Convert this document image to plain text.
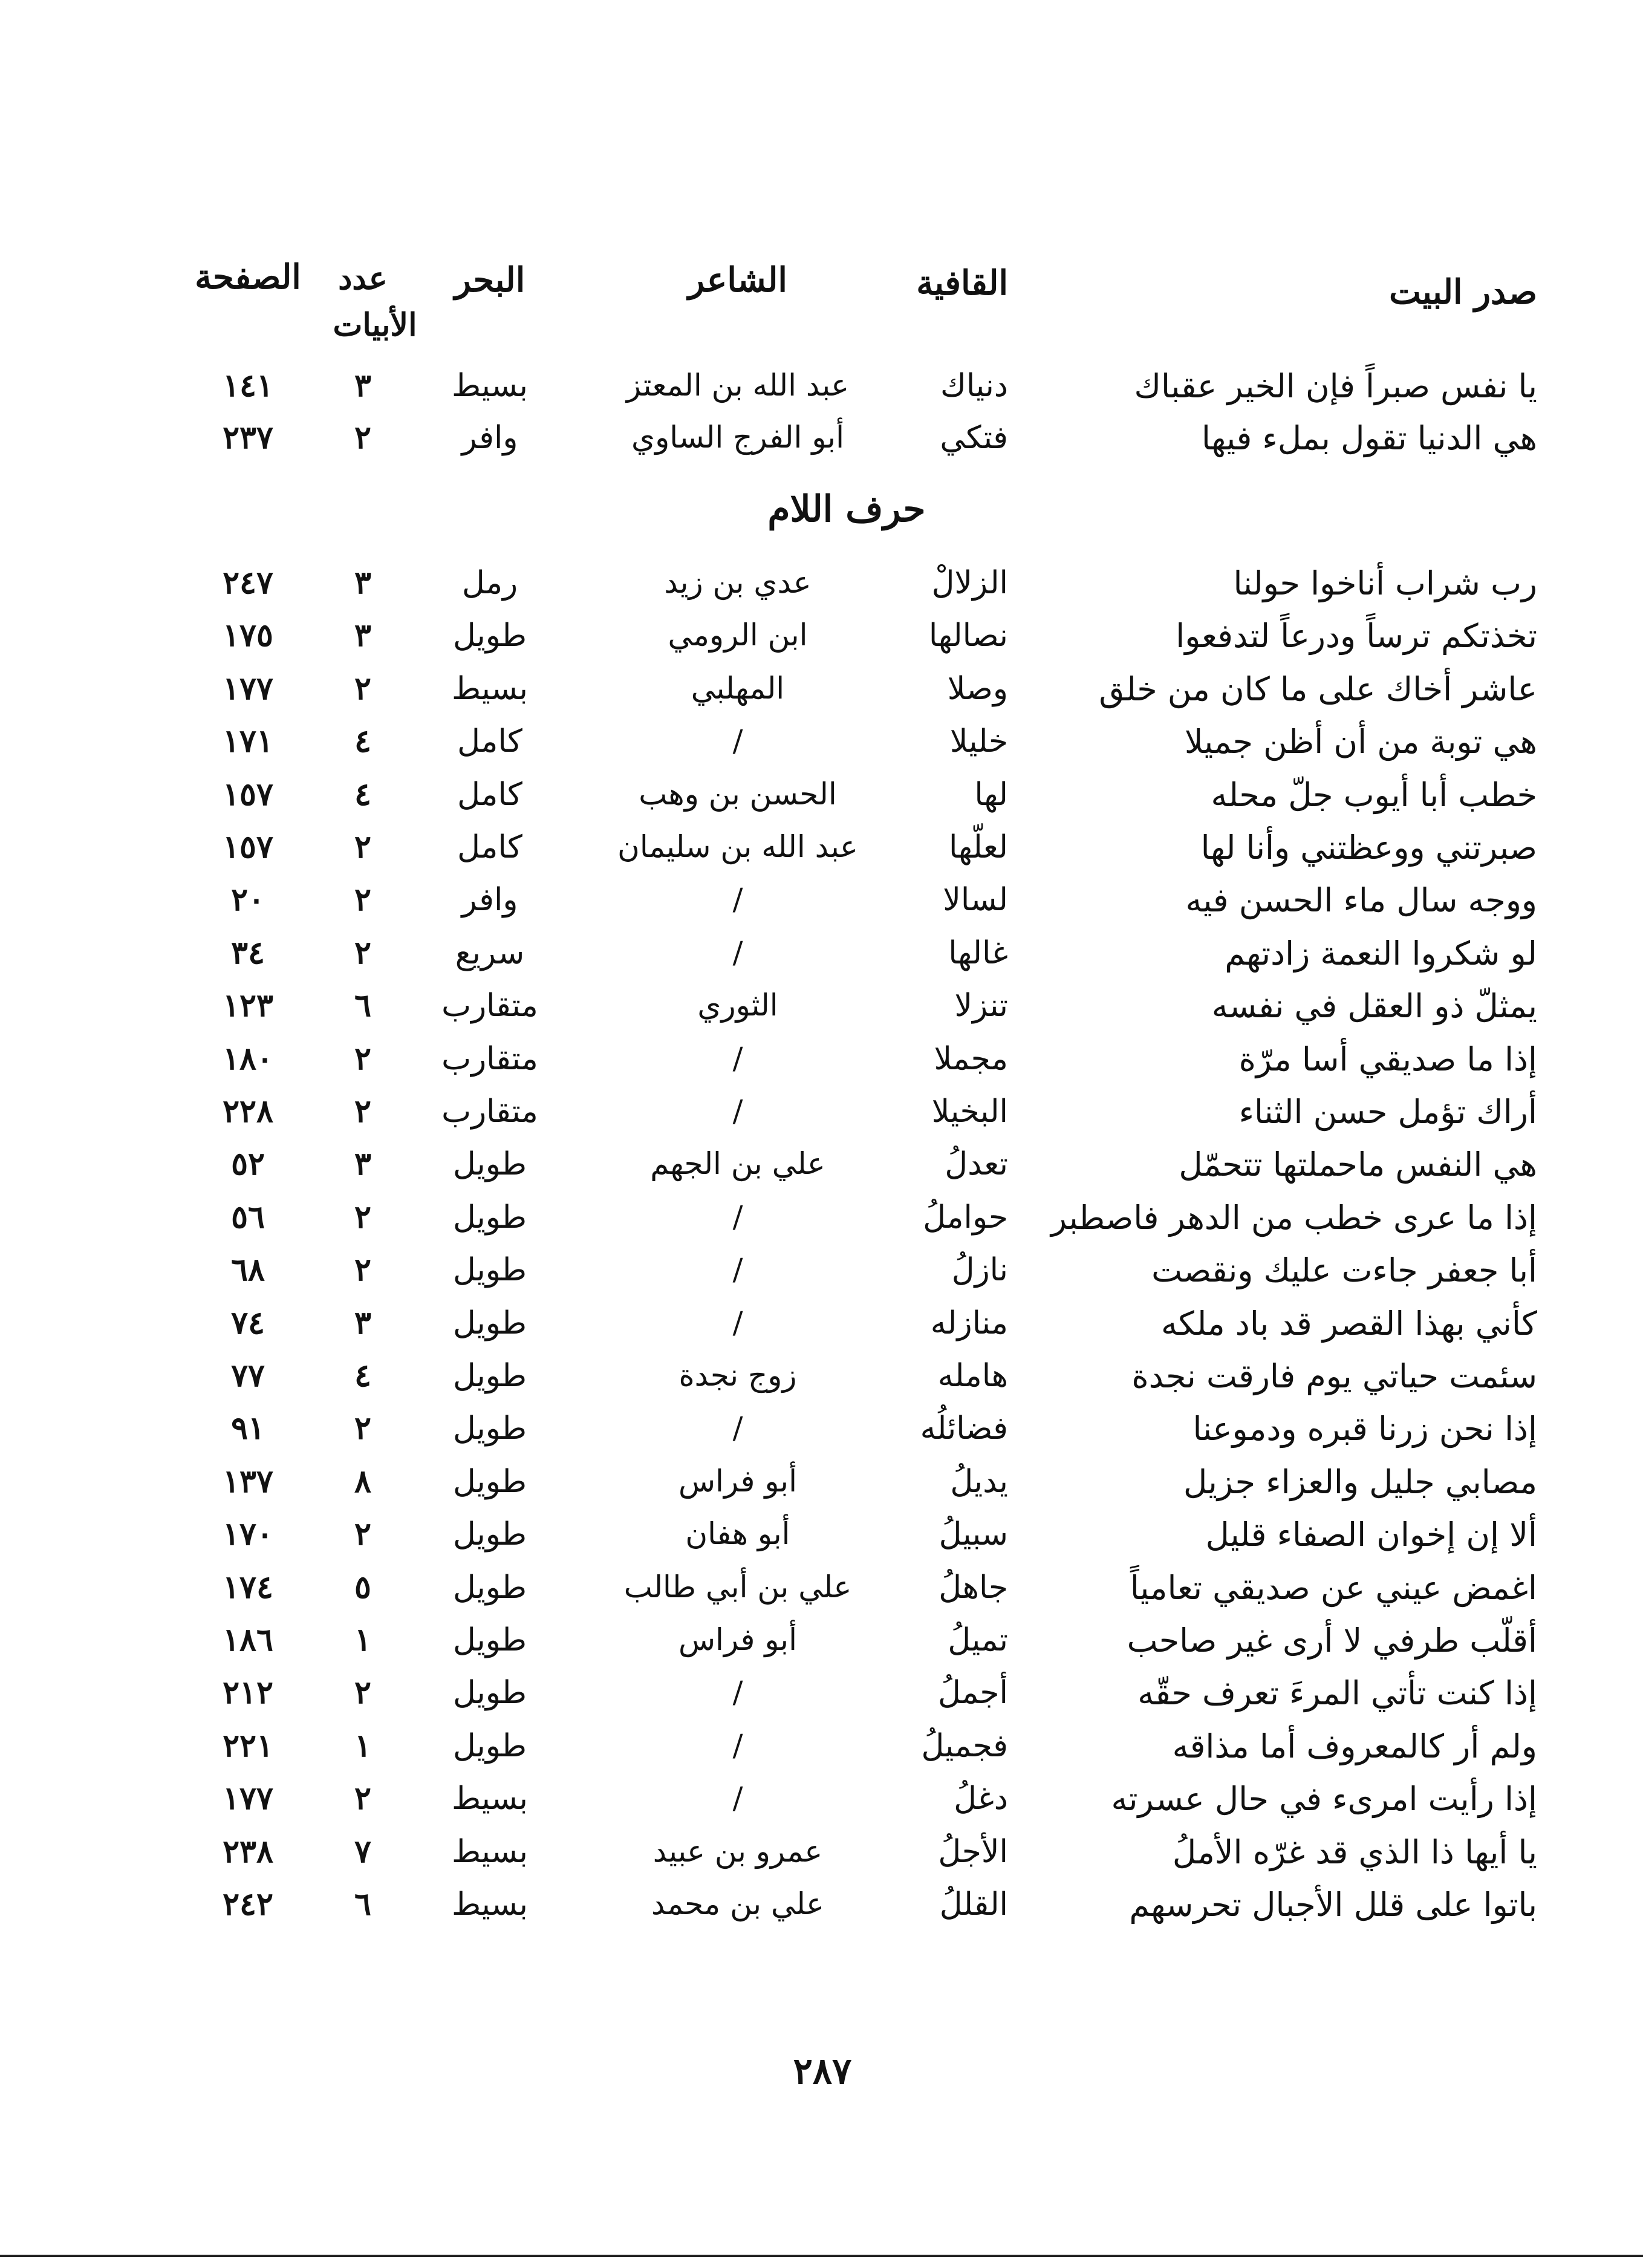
صدر البيت
القافية
الشاعر
البحر
عدد
الأبيات
الصفحة
يا نفس صبراً فإن الخير عقباك
دنياك
عبد الله بن المعتز
بسيط
٣
١٤١
هي الدنيا تقول بملء فيها
فتكي
أبو الفرج الساوي
وافر
٢
٢٣٧
حرف اللام
رب شراب أناخوا حولنا
الزلالْ
عدي بن زيد
رمل
٣
٢٤٧
تخذتكم ترساً ودرعاً لتدفعوا
نصالها
ابن الرومي
طويل
٣
١٧٥
عاشر أخاك على ما كان من خلق
وصلا
المهلبي
بسيط
٢
١٧٧
هي توبة من أن أظن جميلا
خليلا
/
كامل
٤
١٧١
خطب أبا أيوب جلّ محله
لها
الحسن بن وهب
كامل
٤
١٥٧
صبرتني ووعظتني وأنا لها
لعلّها
عبد الله بن سليمان
كامل
٢
١٥٧
ووجه سال ماء الحسن فيه
لسالا
/
وافر
٢
٢٠
لو شكروا النعمة زادتهم
غالها
/
سريع
٢
٣٤
يمثلّ ذو العقل في نفسه
تنزلا
الثوري
متقارب
٦
١٢٣
إذا ما صديقي أسا مرّة
مجملا
/
متقارب
٢
١٨٠
أراك تؤمل حسن الثناء
البخيلا
/
متقارب
٢
٢٢٨
هي النفس ماحملتها تتحمّل
تعدلُ
علي بن الجهم
طويل
٣
٥٢
إذا ما عرى خطب من الدهر فاصطبر
حواملُ
/
طويل
٢
٥٦
أبا جعفر جاءت عليك ونقصت
نازلُ
/
طويل
٢
٦٨
كأني بهذا القصر قد باد ملكه
منازله
/
طويل
٣
٧٤
سئمت حياتي يوم فارقت نجدة
هامله
زوج نجدة
طويل
٤
٧٧
إذا نحن زرنا قبره ودموعنا
فضائلُه
/
طويل
٢
٩١
مصابي جليل والعزاء جزيل
يديلُ
أبو فراس
طويل
٨
١٣٧
ألا إن إخوان الصفاء قليل
سبيلُ
أبو هفان
طويل
٢
١٧٠
اغمض عيني عن صديقي تعامياً
جاهلُ
علي بن أبي طالب
طويل
٥
١٧٤
أقلّب طرفي لا أرى غير صاحب
تميلُ
أبو فراس
طويل
١
١٨٦
إذا كنت تأتي المرءَ تعرف حقّه
أجملُ
/
طويل
٢
٢١٢
ولم أر كالمعروف أما مذاقه
فجميلُ
/
طويل
١
٢٢١
إذا رأيت امرىء في حال عسرته
دغلُ
/
بسيط
٢
١٧٧
يا أيها ذا الذي قد غرّه الأملُ
الأجلُ
عمرو بن عبيد
بسيط
٧
٢٣٨
باتوا على قلل الأجبال تحرسهم
القللُ
علي بن محمد
بسيط
٦
٢٤٢
٢٨٧
